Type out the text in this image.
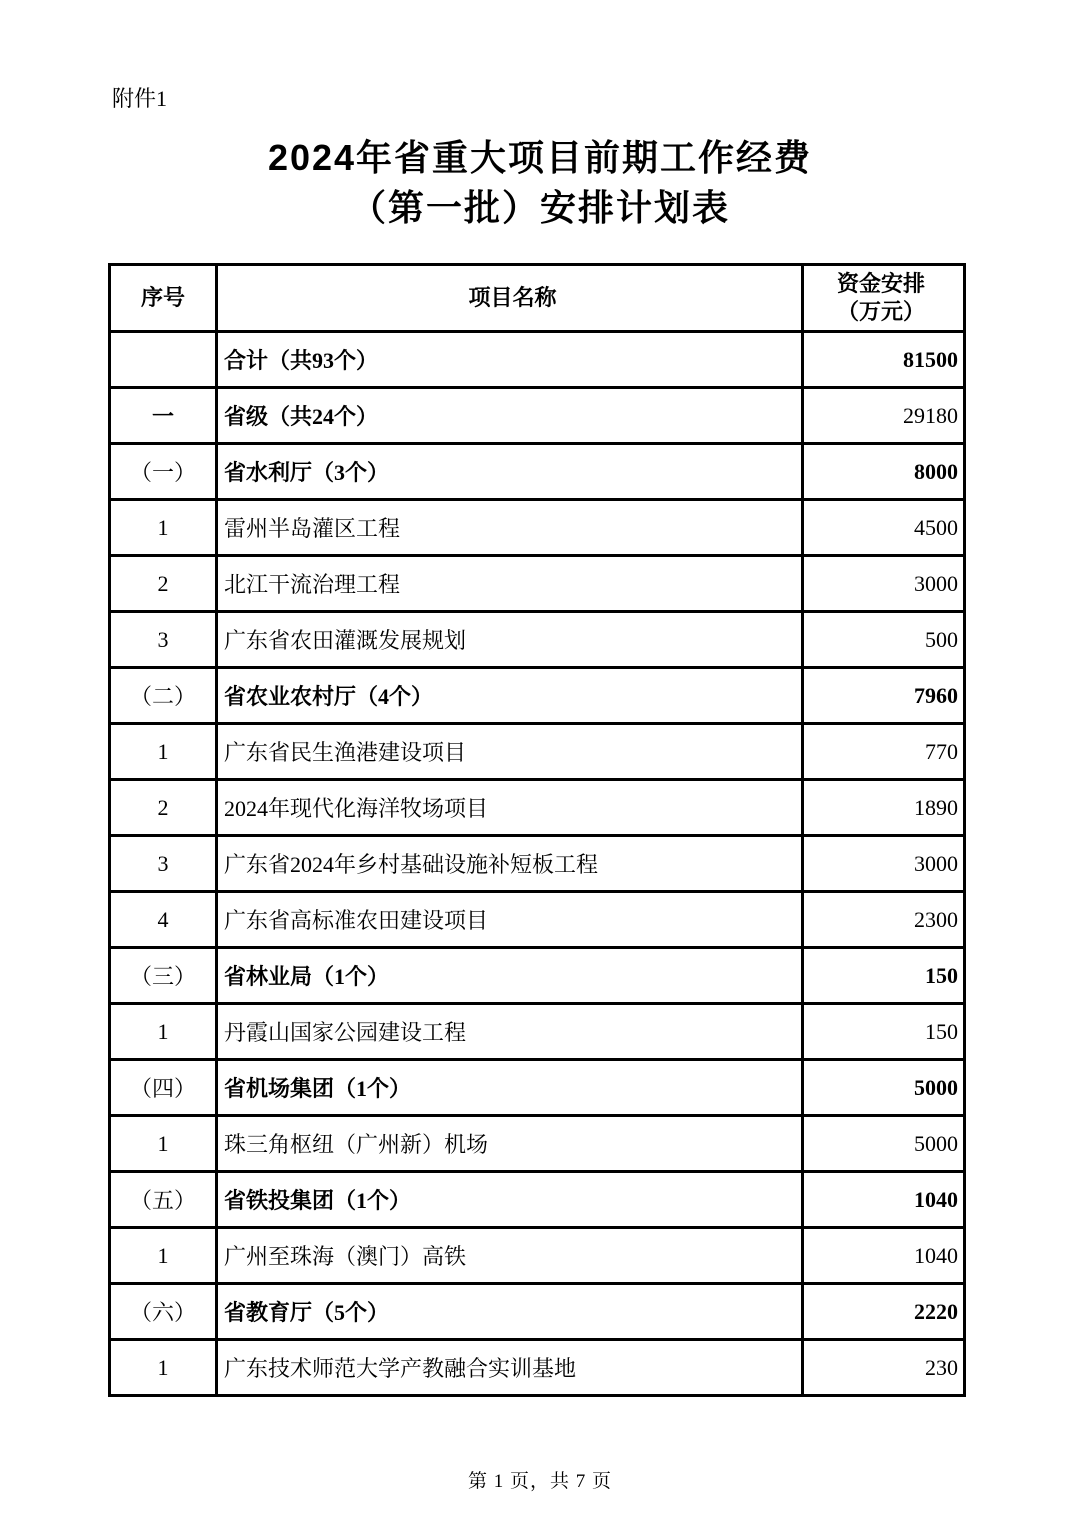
附件1
2024年省重大项目前期工作经费
（第一批）安排计划表
序号	项目名称	资金安排
（万元）
	合计（共93个）	81500
一	省级（共24个）	29180
（一）	省水利厅（3个）	8000
1	雷州半岛灌区工程	4500
2	北江干流治理工程	3000
3	广东省农田灌溉发展规划	500
（二）	省农业农村厅（4个）	7960
1	广东省民生渔港建设项目	770
2	2024年现代化海洋牧场项目	1890
3	广东省2024年乡村基础设施补短板工程	3000
4	广东省高标准农田建设项目	2300
（三）	省林业局（1个）	150
1	丹霞山国家公园建设工程	150
（四）	省机场集团（1个）	5000
1	珠三角枢纽（广州新）机场	5000
（五）	省铁投集团（1个）	1040
1	广州至珠海（澳门）高铁	1040
（六）	省教育厅（5个）	2220
1	广东技术师范大学产教融合实训基地	230
第 1 页，共 7 页
